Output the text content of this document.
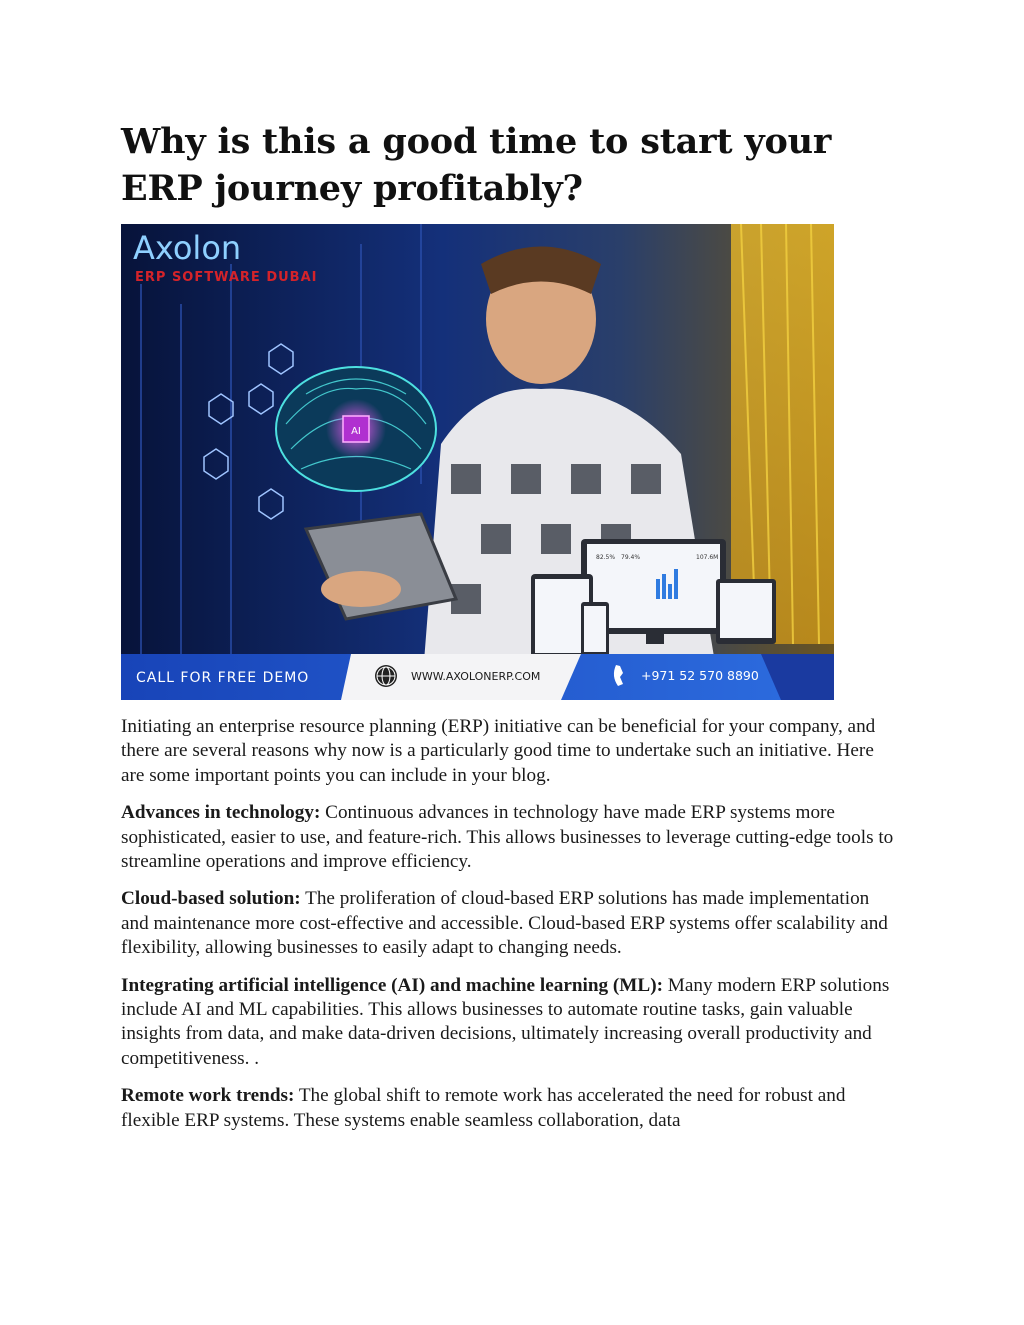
Why is this a good time to start your ERP journey profitably?
AI
82.5% 79.4%	107.6M
Axolon
ERP SOFTWARE DUBAI
CALL FOR FREE DEMO	WWW.AXOLONERP.COM	+971 52 570 8890

Initiating an enterprise resource planning (ERP) initiative can be beneficial for your company, and there are several reasons why now is a particularly good time to undertake such an initiative. Here are some important points you can include in your blog.

Advances in technology: Continuous advances in technology have made ERP systems more sophisticated, easier to use, and feature-rich. This allows businesses to leverage cutting-edge tools to streamline operations and improve efficiency.

Cloud-based solution: The proliferation of cloud-based ERP solutions has made implementation and maintenance more cost-effective and accessible. Cloud-based ERP systems offer scalability and flexibility, allowing businesses to easily adapt to changing needs.

Integrating artificial intelligence (AI) and machine learning (ML): Many modern ERP solutions include AI and ML capabilities. This allows businesses to automate routine tasks, gain valuable insights from data, and make data-driven decisions, ultimately increasing overall productivity and competitiveness. .

Remote work trends: The global shift to remote work has accelerated the need for robust and flexible ERP systems. These systems enable seamless collaboration, data
